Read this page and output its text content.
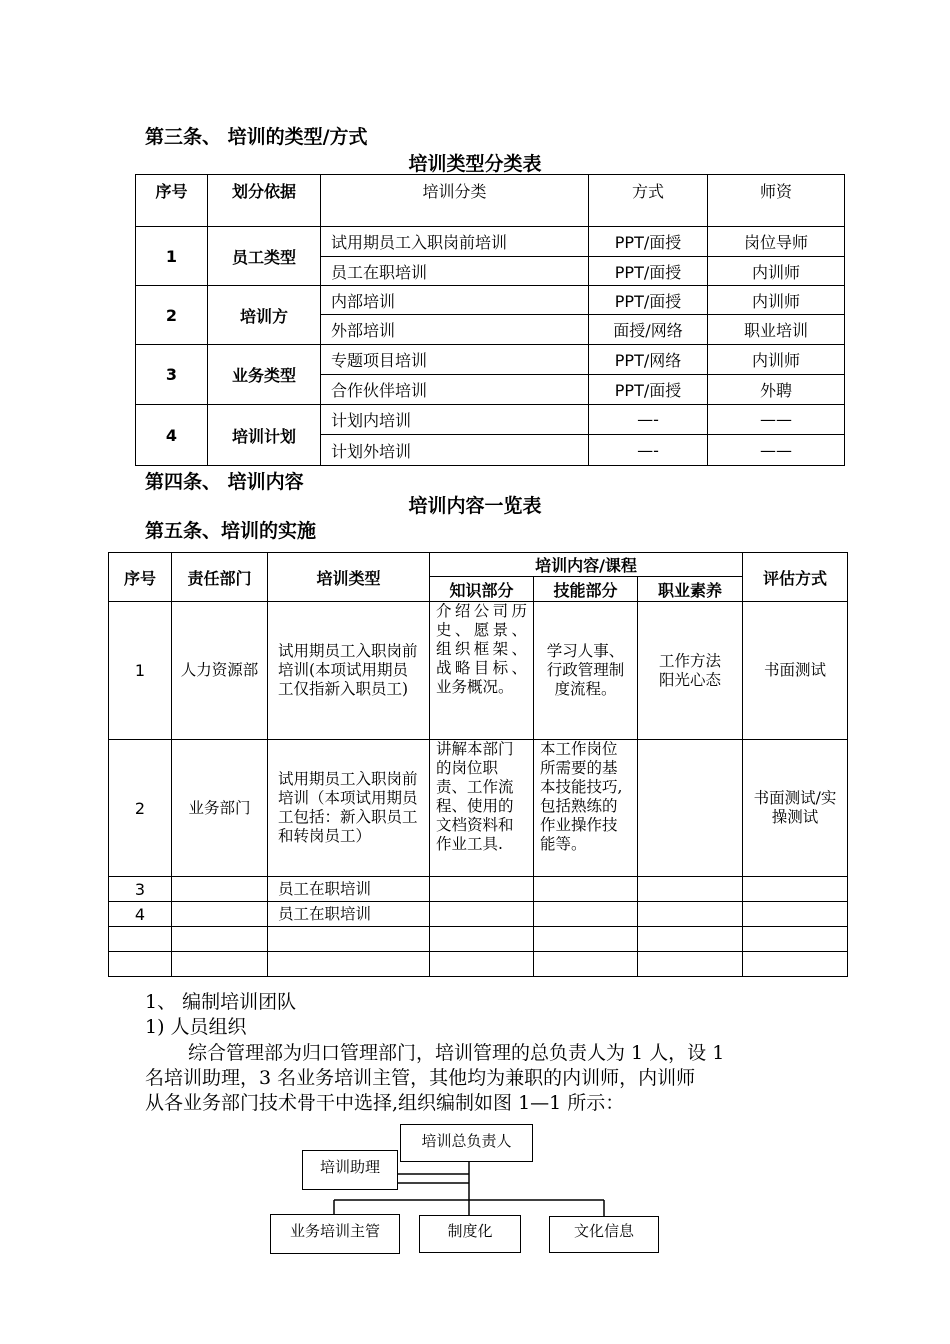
第三条、 培训的类型/方式
培训类型分类表
序号	划分依据	培训分类	方式	师资
1	员工类型	试用期员工入职岗前培训	PPT/面授	岗位导师
		员工在职培训	PPT/面授	内训师
2	培训方	内部培训	PPT/面授	内训师
		外部培训	面授/网络	职业培训
3	业务类型	专题项目培训	PPT/网络	内训师
		合作伙伴培训	PPT/面授	外聘
4	培训计划	计划内培训	—-	——
		计划外培训	—-	——
第四条、 培训内容
培训内容一览表
第五条、培训的实施
序号	责任部门	培训类型	培训内容/课程			评估方式
			知识部分	技能部分	职业素养	
1	人力资源部	试用期员工入职岗前培训(本项试用期员工仅指新入职员工)	介绍公司历史、愿景、组织框架、战略目标、业务概况。	学习人事、行政管理制度流程。	工作方法阳光心态	书面测试
2	业务部门	试用期员工入职岗前培训（本项试用期员工包括：新入职员工和转岗员工）	讲解本部门的岗位职责、工作流程、使用的文档资料和作业工具.	本工作岗位所需要的基本技能技巧,包括熟练的作业操作技能等。		书面测试/实操测试
3		员工在职培训				
4		员工在职培训				

1、 编制培训团队
1) 人员组织
综合管理部为归口管理部门，培训管理的总负责人为 1 人，设 1
名培训助理，3 名业务培训主管，其他均为兼职的内训师，内训师
从各业务部门技术骨干中选择,组织编制如图 1—1 所示：
培训总负责人
培训助理
业务培训主管	制度化	文化信息
